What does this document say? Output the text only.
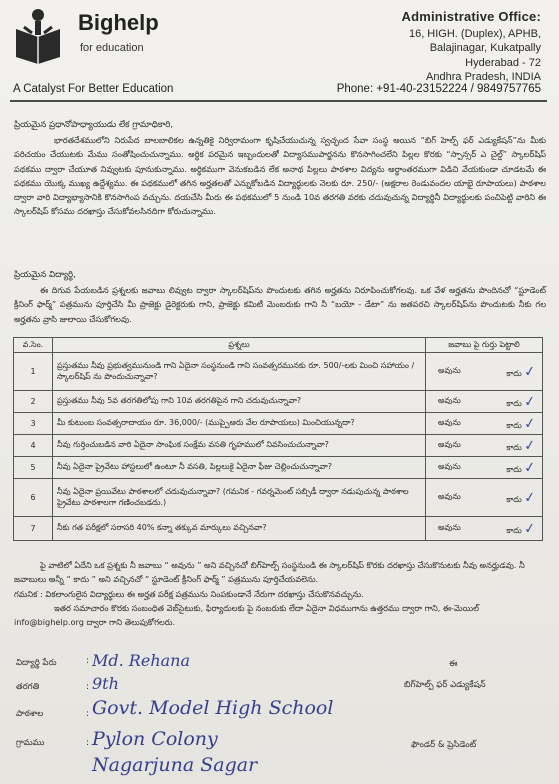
Bighelp
for education
A Catalyst For Better Education
Administrative Office:
16, HIGH. (Duplex), APHB,
Balajinagar, Kukatpally
Hyderabad - 72
Andhra Pradesh, INDIA
Phone: +91-40-23152224 / 9849757765
ప్రియమైన ప్రధానోపాధ్యాయుడు లేక గ్రామాధికారి,
భారతదేశములోని నిరుపేద బాలబాలికల ఉన్నతికై నిర్విరామంగా కృషిచేయుచున్న స్వచ్ఛంద సేవా సంస్థ అయిన “బిగ్ హెల్ప్ ఫర్ ఎడ్యుకేషన్”ను మీకు పరిచయం చేయుటకు మేము సంతోషించుచున్నాము. అర్థిక పరమైన ఇబ్బందులతో విద్యాసముపార్జనను కొనసాగించలేని పిల్లల కొరకు “స్పాన్సర్ ఎ చైల్డ్” స్కాలర్‌షిప్ పథకము ద్వారా చేయూత నివ్వుటకు పూనుకున్నాము. అర్థికముగా వెనుకబడిన లేక అనాథ పిల్లలు పాఠశాల విద్యను అర్థాంతరముగా విడిచి వేయకుండా చూడటమే ఈ పథకము యొక్క ముఖ్య ఉద్దేశ్యము. ఈ పథకములో తగిన అర్హతలతో ఎన్నుకోబడిన విద్యార్థులకు నెలకు రూ. 250/- (అక్షరాల రెండువందల యాభై రూపాయలు) పాఠశాల ద్వారా వారి విద్యాభ్యాసానికి కొనసాగింప వచ్చును. దయచేసి మీరు ఈ పథకములో 5 నుండి 10వ తరగతి వరకు చదువుచున్న విద్యార్థినీ విద్యార్థులకు పంచిపెట్టి వారిని ఈ స్కాలర్‌షిప్ కోసము దరఖాస్తు చేసుకోవలసినదిగా కోరుచున్నాము.
ప్రియమైన విద్యార్థి,
ఈ దిగువ పేయబడిన ప్రశ్నలకు జవాబు లివ్వుట ద్వారా స్కాలర్‌షిప్‌ను పొందుటకు తగిన అర్హతను నిరూపించుకోగలవు. ఒక వేళ అర్హతను పొందినచో “స్టూడెంట్ క్రీనింగ్ ఫార్మ్” పత్రమును పూర్తిచేసి మీ ప్రాజెక్టు డైరెక్టరుకు గాని, ప్రాజెక్టు కమిటీ మెంబరుకు గాని నీ “బయో - డేటా” ను జతపరచి స్కాలర్‌షిప్‌ను పొందుటకు నీకు గల అర్హతను వ్రాసి జులాయి చేసుకోగలవు.
వ.సెం.	ప్రశ్నలు	జవాబు పై గుర్తు పెట్టాలి
1	ప్రస్తుతము నీవు ప్రభుత్వమునుండి గాని ఏదైనా సంస్థనుండి గాని సంవత్సరమునకు రూ. 500/-లకు మించి సహాయం / స్కాలర్‌షిప్ ను పొందుచున్నావా?	అవును కాదు ✓

2	ప్రస్తుతము నీవు 5వ తరగతిలోపు గాని 10వ తరగతిపైన గాని చదువుచున్నావా?	అవును కాదు ✓

3	మీ కుటుంబ సంవత్సరాదాయం రూ. 36,000/- (ముప్పైఆరు వేల రూపాయలు) మించియున్నదా?	అవును కాదు ✓

4	నీవు గుర్తించుబడిన వారి ఏదైనా సాంఘిక సంక్షేమ వసతి గృహములో నివసించుచున్నావా?	అవును కాదు ✓

5	నీవు ఏదైనా ప్రైవేటు హాస్టలులో ఉంటూ నీ వసతి, పిల్లలుకై ఏదైనా ఫీజు చెల్లించుచున్నావా?	అవును కాదు ✓

6	నీవు ఏదైనా ప్రయివేటు పాఠశాలలో చదువుచున్నావా? (గమనిక - గవర్నమెంట్ సబ్సిడీ ద్వారా నడుపుచున్న పాఠశాల ప్రైవేటు పాఠశాలగా గణించబడదు.)	అవును కాదు ✓

7	నీకు గత పరీక్షలో సరాసరి 40% కన్నా తక్కువ మార్కులు వచ్చినవా?	అవును కాదు ✓
పై వాటిలో ఏదేని ఒక ప్రశ్నకు నీ జవాబు “ అవును ” అని వచ్చినచో బిగ్‌హెల్ప్ సంస్థనుండి ఈ స్కాలర్‌షిప్ కొరకు దరఖాస్తు చేసుకొనుటకు నీవు అనర్హుడవు. నీ జవాబులు అన్నీ “ కాదు ” అని వచ్చినచో “ స్టూడెంట్ క్రీనింగ్ ఫార్మ్ ” పత్రమును పూర్తిచేయవలెను.
గమనిక : వికలాంగులైన విద్యార్థులు ఈ అర్హత పరీక్ష పత్రమును నింపకుండానే నేరుగా దరఖాస్తు చేసుకొనవచ్చును.
ఇతర సమాచారం కొరకు సంబంధిత వెబ్‌సైటుకు, ఫిర్యాదులకు పై నంబరుకు లేదా ఏదైనా విధముగాను ఉత్తరము ద్వారా గాని, ఈ-మెయిల్ info@bighelp.org ద్వారా గాని తెలుపుకోగలరు.
విద్యార్థి పేరు	: Md. Rehana
తరగతి	: 9th
పాఠశాల	: Govt. Model High School
గ్రామము	: Pylon Colony
Nagarjuna Sagar
ఈ
బిగ్‌హెల్ప్ ఫర్ ఎడ్యుకేషన్
ఫౌండర్ & ప్రెసిడెంట్
